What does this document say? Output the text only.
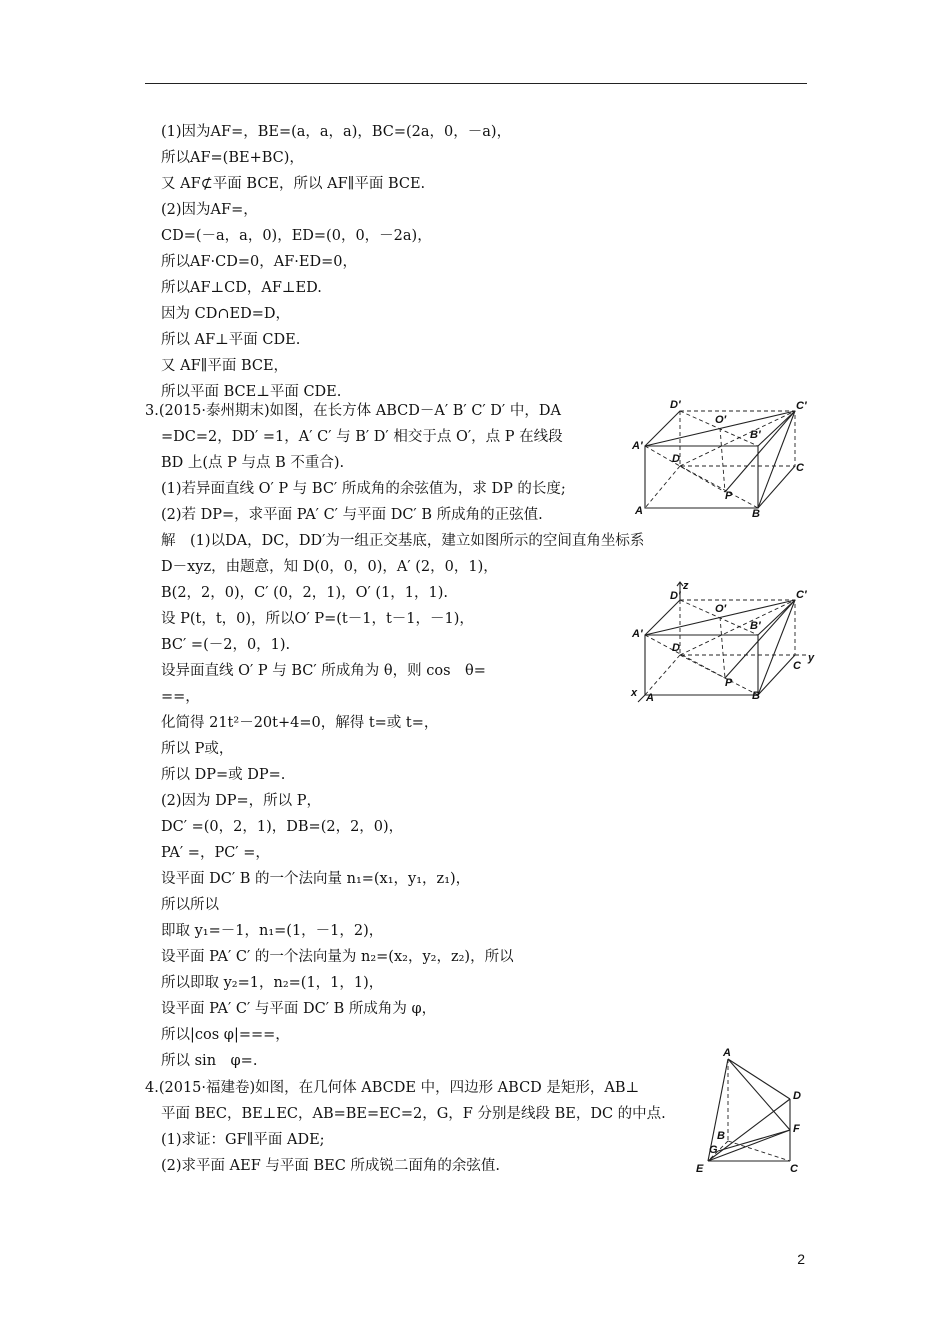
(1)因为AF=，BE=(a，a，a)，BC=(2a，0，－a)，
所以AF=(BE+BC)，
又 AF⊄平面 BCE，所以 AF∥平面 BCE.
(2)因为AF=，
CD=(－a，a，0)，ED=(0，0，－2a)，
所以AF·CD=0，AF·ED=0，
所以AF⊥CD，AF⊥ED.
因为 CD∩ED=D，
所以 AF⊥平面 CDE.
又 AF∥平面 BCE，
所以平面 BCE⊥平面 CDE.
3.(2015·泰州期末)如图，在长方体 ABCD－A′ B′ C′ D′ 中，DA
=DC=2，DD′ =1，A′ C′ 与 B′ D′ 相交于点 O′，点 P 在线段
BD 上(点 P 与点 B 不重合).
(1)若异面直线 O′ P 与 BC′ 所成角的余弦值为，求 DP 的长度;
(2)若 DP=，求平面 PA′ C′ 与平面 DC′ B 所成角的正弦值.
解　(1)以DA，DC，DD′为一组正交基底，建立如图所示的空间直角坐标系
D－xyz，由题意，知 D(0，0，0)，A′ (2，0，1)，
B(2，2，0)，C′ (0，2，1)，O′ (1，1，1).
设 P(t，t，0)，所以O′ P=(t－1，t－1，－1)，
BC′ =(－2，0，1).
设异面直线 O′ P 与 BC′ 所成角为 θ，则 cos　θ=
==，
化简得 21t²－20t+4=0，解得 t=或 t=，
所以 P或，
所以 DP=或 DP=.
(2)因为 DP=，所以 P，
DC′ =(0，2，1)，DB=(2，2，0)，
PA′ =，PC′ =，
设平面 DC′ B 的一个法向量 n₁=(x₁，y₁，z₁)，
所以所以
即取 y₁=－1，n₁=(1，－1，2)，
设平面 PA′ C′ 的一个法向量为 n₂=(x₂，y₂，z₂)，所以
所以即取 y₂=1，n₂=(1，1，1)，
设平面 PA′ C′ 与平面 DC′ B 所成角为 φ，
所以|cos φ|===，
所以 sin　φ=.
4.(2015·福建卷)如图，在几何体 ABCDE 中，四边形 ABCD 是矩形，AB⊥
平面 BEC，BE⊥EC，AB=BE=EC=2，G，F 分别是线段 BE，DC 的中点.
(1)求证：GF∥平面 ADE;
(2)求平面 AEF 与平面 BEC 所成锐二面角的余弦值.
D′
O′
C′
A′
B′
D
C
P
A	B
z
D′
O′
C′
A′
B′
D
C
y
P
x A	B
A
D
F
B
G
E	C
2
